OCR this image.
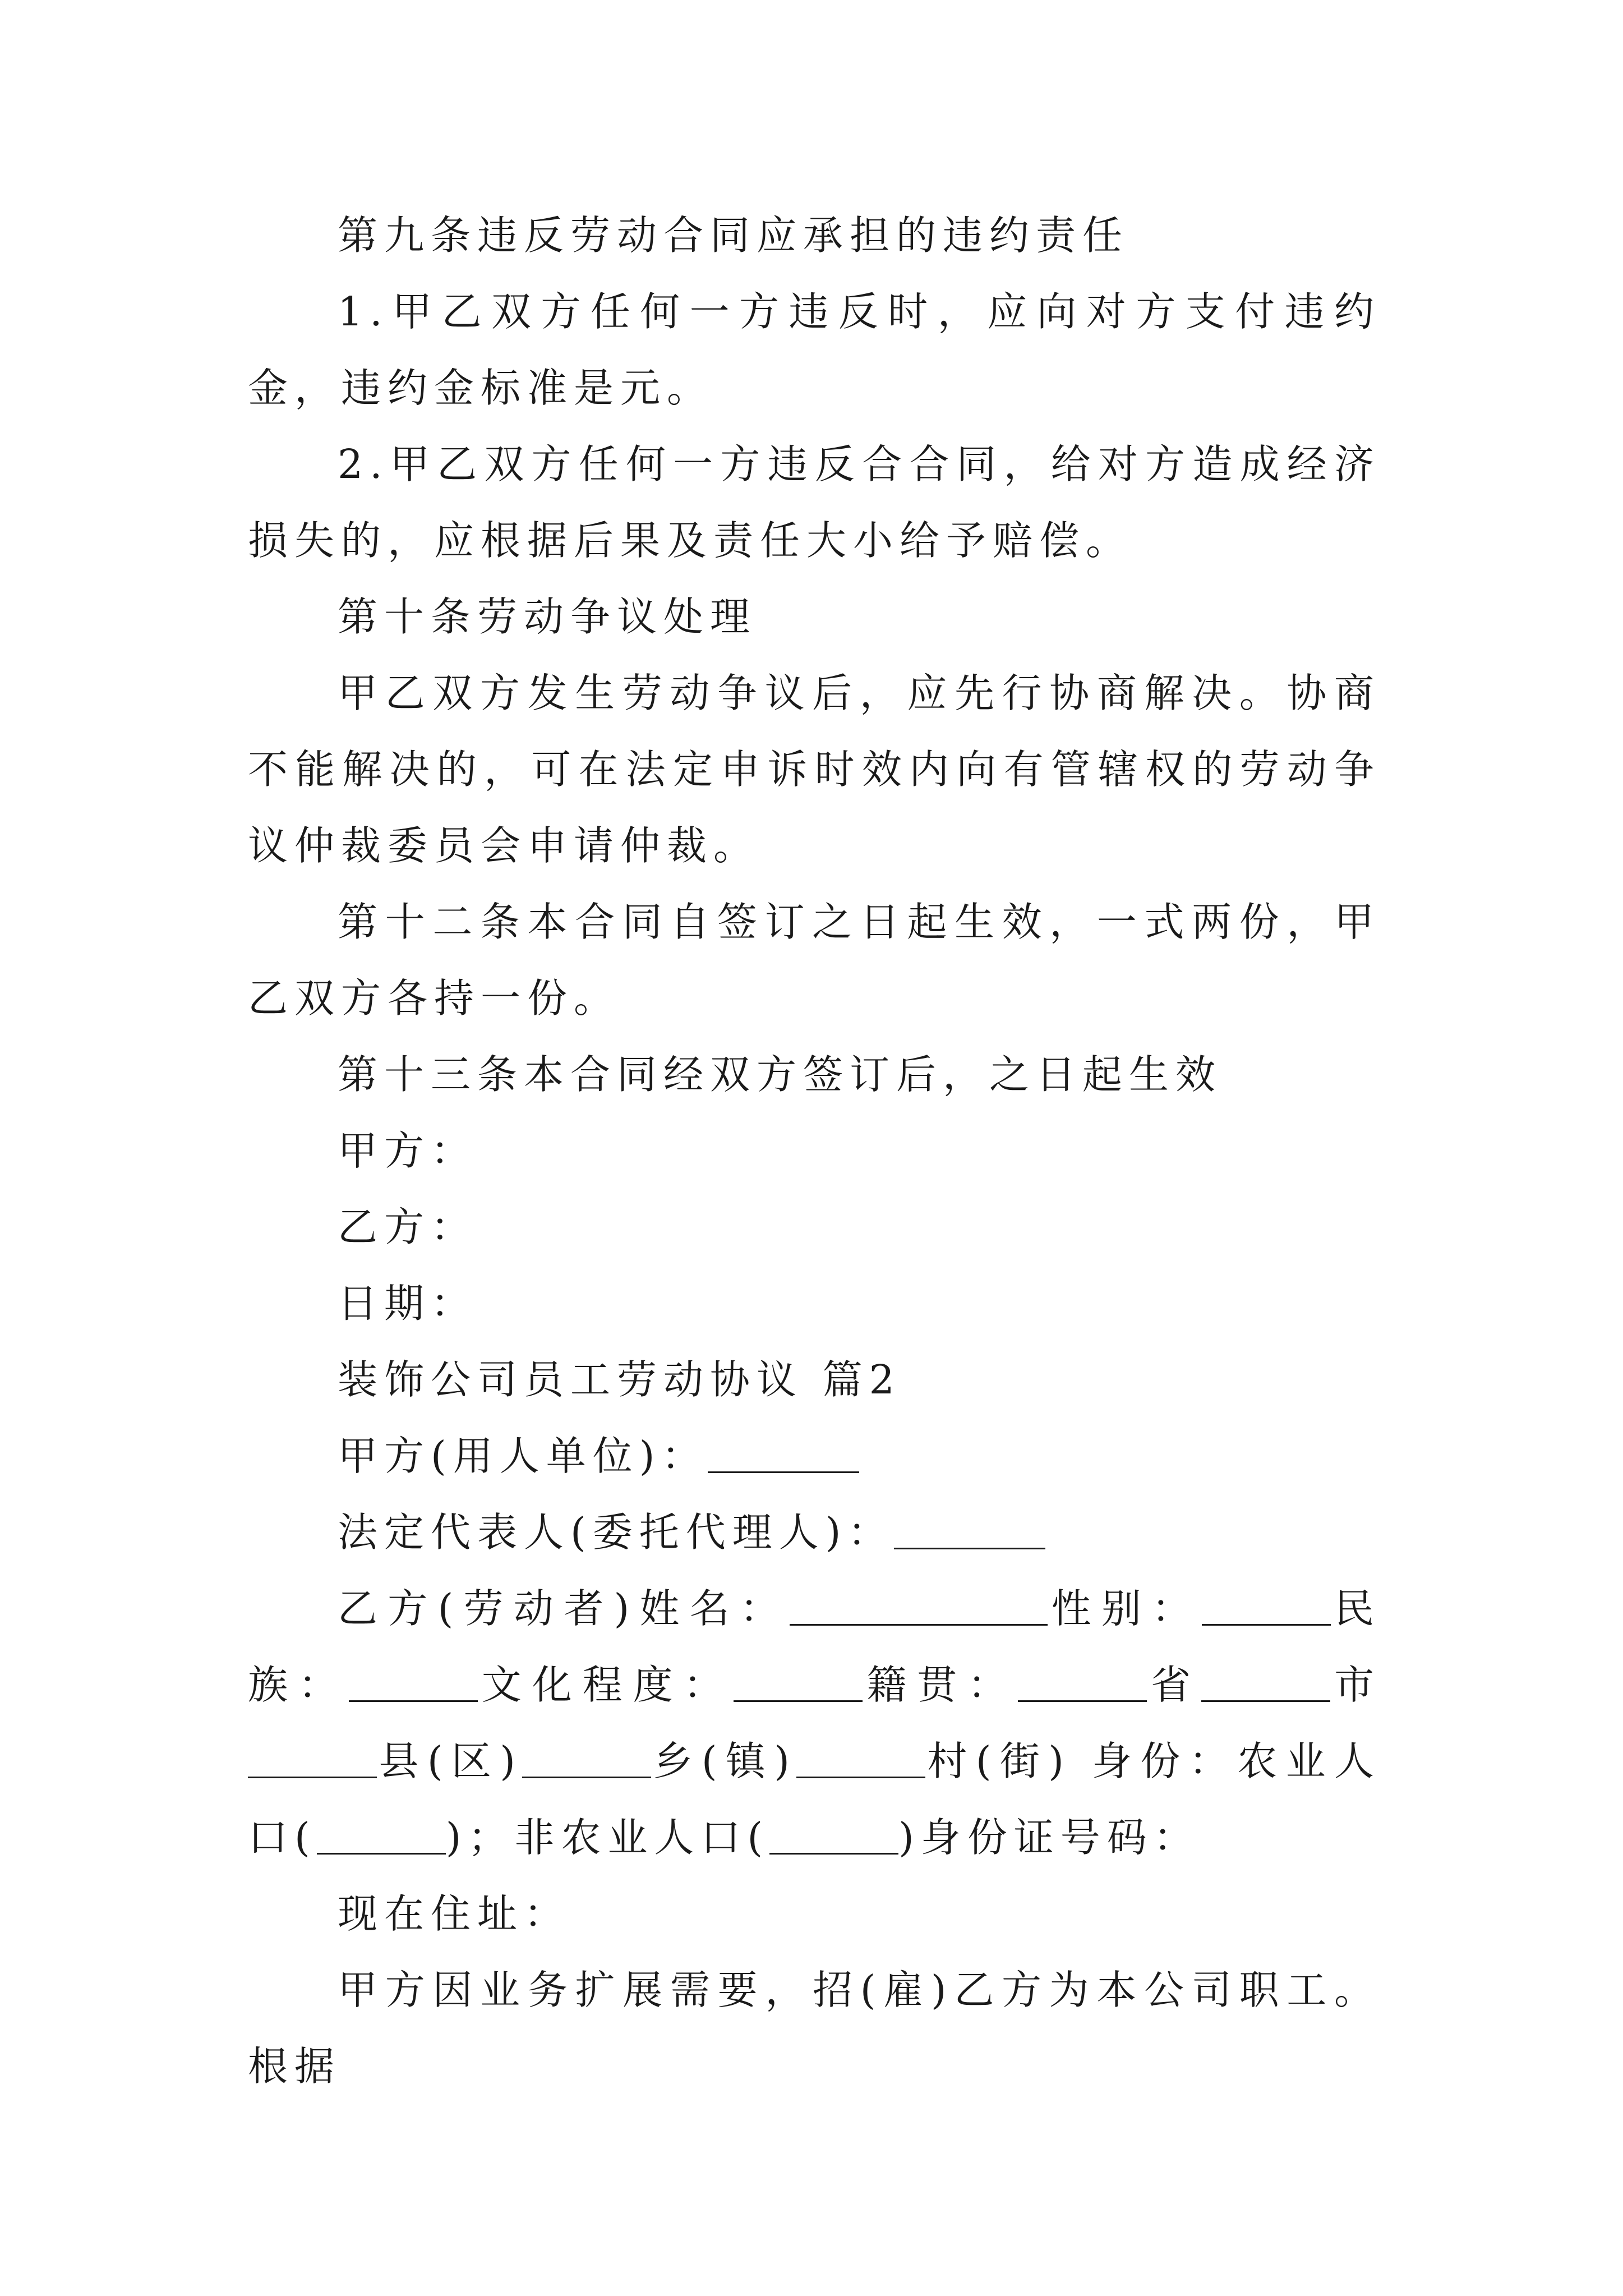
第九条违反劳动合同应承担的违约责任

1.甲乙双方任何一方违反时，应向对方支付违约金，违约金标准是元。

2.甲乙双方任何一方违反合合同，给对方造成经济损失的，应根据后果及责任大小给予赔偿。

第十条劳动争议处理

甲乙双方发生劳动争议后，应先行协商解决。协商不能解决的，可在法定申诉时效内向有管辖权的劳动争议仲裁委员会申请仲裁。

第十二条本合同自签订之日起生效，一式两份，甲乙双方各持一份。

第十三条本合同经双方签订后，之日起生效

甲方：

乙方：

日期：

装饰公司员工劳动协议 篇2

甲方(用人单位)：

法定代表人(委托代理人)：

乙方(劳动者)姓名：	性别：	民族：	文化程度：	籍贯：	省	市县(区)	乡(镇)	村(街) 身份：农业人口(	)；非农业人口(	)身份证号码：

现在住址：

甲方因业务扩展需要，招(雇)乙方为本公司职工。根据
